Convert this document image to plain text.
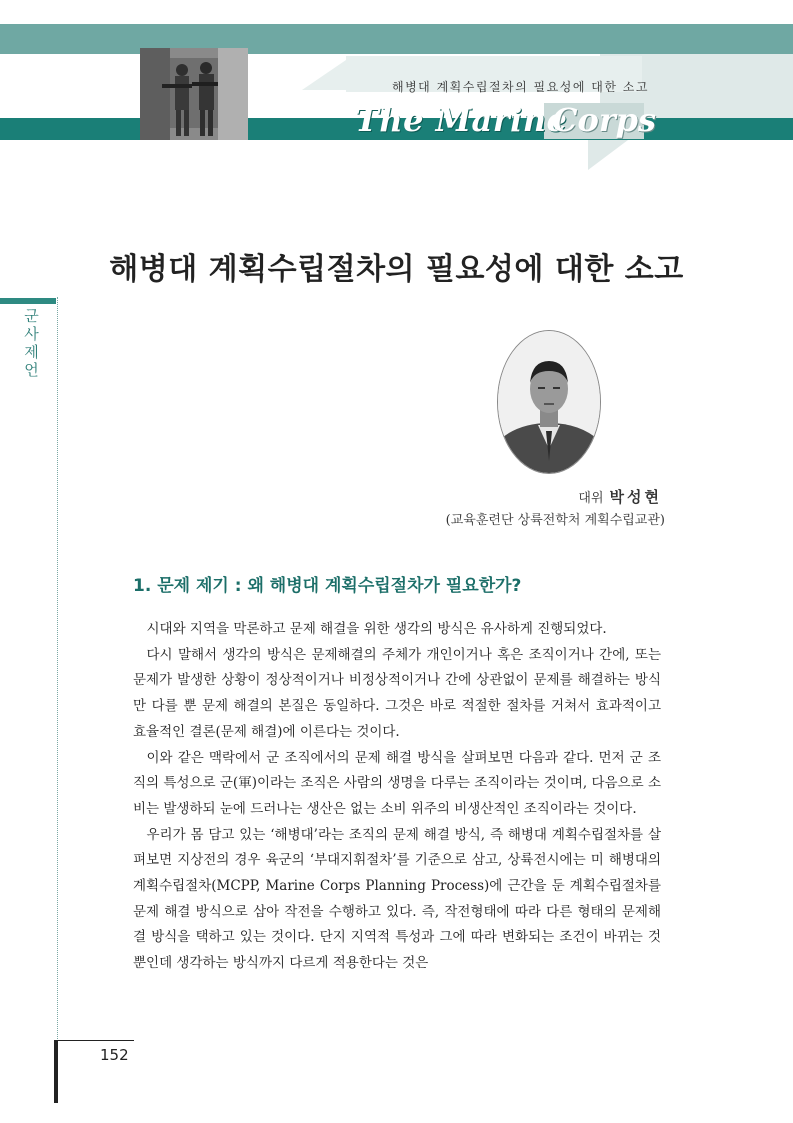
해병대 계획수립절차의 필요성에 대한 소고
The Marine
Corps
군사제언
해병대 계획수립절차의 필요성에 대한 소고
대위 박성현
(교육훈련단 상륙전학처 계획수립교관)
1. 문제 제기 : 왜 해병대 계획수립절차가 필요한가?

시대와 지역을 막론하고 문제 해결을 위한 생각의 방식은 유사하게 진행되었다.

다시 말해서 생각의 방식은 문제해결의 주체가 개인이거나 혹은 조직이거나 간에, 또는 문제가 발생한 상황이 정상적이거나 비정상적이거나 간에 상관없이 문제를 해결하는 방식만 다를 뿐 문제 해결의 본질은 동일하다. 그것은 바로 적절한 절차를 거쳐서 효과적이고 효율적인 결론(문제 해결)에 이른다는 것이다.

이와 같은 맥락에서 군 조직에서의 문제 해결 방식을 살펴보면 다음과 같다. 먼저 군 조직의 특성으로 군(軍)이라는 조직은 사람의 생명을 다루는 조직이라는 것이며, 다음으로 소비는 발생하되 눈에 드러나는 생산은 없는 소비 위주의 비생산적인 조직이라는 것이다.

우리가 몸 담고 있는 ‘해병대’라는 조직의 문제 해결 방식, 즉 해병대 계획수립절차를 살펴보면 지상전의 경우 육군의 ‘부대지휘절차’를 기준으로 삼고, 상륙전시에는 미 해병대의 계획수립절차(MCPP, Marine Corps Planning Process)에 근간을 둔 계획수립절차를 문제 해결 방식으로 삼아 작전을 수행하고 있다. 즉, 작전형태에 따라 다른 형태의 문제해결 방식을 택하고 있는 것이다. 단지 지역적 특성과 그에 따라 변화되는 조건이 바뀌는 것뿐인데 생각하는 방식까지 다르게 적용한다는 것은

152
